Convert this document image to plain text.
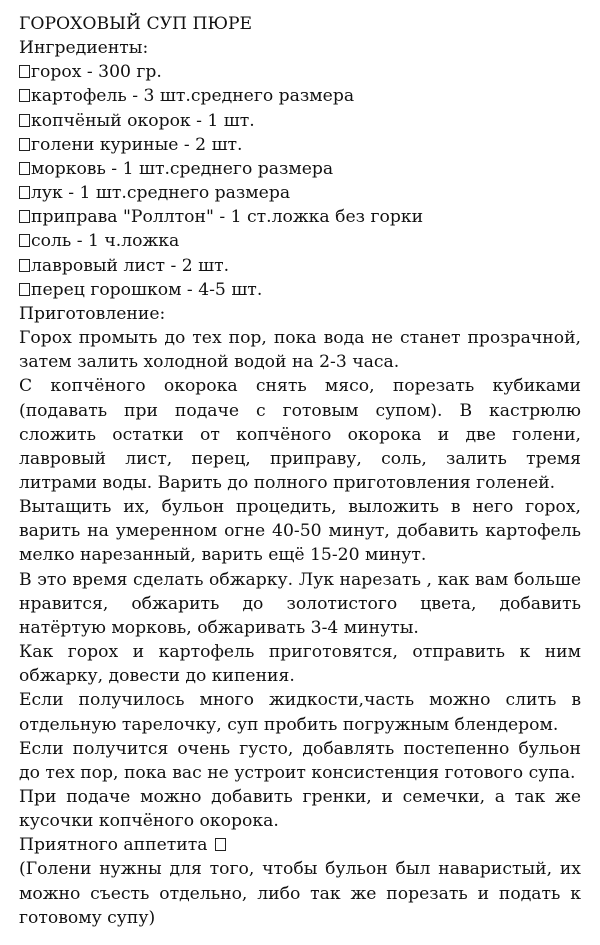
ГОРОХОВЫЙ СУП ПЮРЕ
Ингредиенты:
горох - 300 гр.
картофель - 3 шт.среднего размера
копчёный окорок - 1 шт.
голени куриные - 2 шт.
морковь - 1 шт.среднего размера
лук - 1 шт.среднего размера
приправа "Роллтон" - 1 ст.ложка без горки
соль - 1 ч.ложка
лавровый лист - 2 шт.
перец горошком - 4-5 шт.
Приготовление:
Горох промыть до тех пор, пока вода не станет прозрачной, затем залить холодной водой на 2-3 часа.
С копчёного окорока снять мясо, порезать кубиками (подавать при подаче с готовым супом). В кастрюлю сложить остатки от копчёного окорока и две голени, лавровый лист, перец, приправу, соль, залить тремя литрами воды. Варить до полного приготовления голеней.
Вытащить их, бульон процедить, выложить в него горох, варить на умеренном огне 40-50 минут, добавить картофель мелко нарезанный, варить ещё 15-20 минут.
В это время сделать обжарку. Лук нарезать , как вам больше нравится, обжарить до золотистого цвета, добавить натёртую морковь, обжаривать 3-4 минуты.
Как горох и картофель приготовятся, отправить к ним обжарку, довести до кипения.
Если получилось много жидкости,часть можно слить в отдельную тарелочку, суп пробить погружным блендером.
Если получится очень густо, добавлять постепенно бульон до тех пор, пока вас не устроит консистенция готового супа.
При подаче можно добавить гренки, и семечки, а так же кусочки копчёного окорока.
Приятного аппетита
(Голени нужны для того, чтобы бульон был наваристый, их можно съесть отдельно, либо так же порезать и подать к готовому супу)
